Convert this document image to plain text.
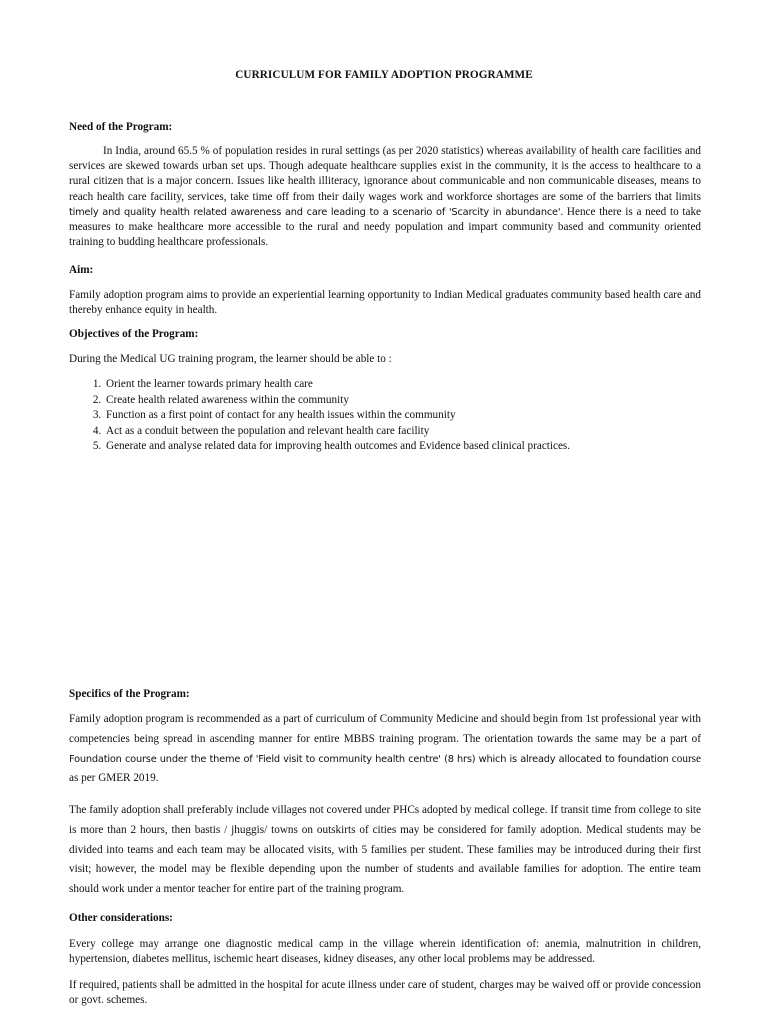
CURRICULUM FOR FAMILY ADOPTION PROGRAMME

Need of the Program:

In India, around 65.5 % of population resides in rural settings (as per 2020 statistics) whereas availability of health care facilities and services are skewed towards urban set ups. Though adequate healthcare supplies exist in the community, it is the access to healthcare to a rural citizen that is a major concern. Issues like health illiteracy, ignorance about communicable and non communicable diseases, means to reach health care facility, services, take time off from their daily wages work and workforce shortages are some of the barriers that limits timely and quality health related awareness and care leading to a scenario of 'Scarcity in abundance'. Hence there is a need to take measures to make healthcare more accessible to the rural and needy population and impart community based and community oriented training to budding healthcare professionals.

Aim:

Family adoption program aims to provide an experiential learning opportunity to Indian Medical graduates community based health care and thereby enhance equity in health.

Objectives of the Program:

During the Medical UG training program, the learner should be able to :

1. Orient the learner towards primary health care
2. Create health related awareness within the community
3. Function as a first point of contact for any health issues within the community
4. Act as a conduit between the population and relevant health care facility
5. Generate and analyse related data for improving health outcomes and Evidence based clinical practices.

Specifics of the Program:

Family adoption program is recommended as a part of curriculum of Community Medicine and should begin from 1st professional year with competencies being spread in ascending manner for entire MBBS training program. The orientation towards the same may be a part of Foundation course under the theme of 'Field visit to community health centre' (8 hrs) which is already allocated to foundation course as per GMER 2019.

The family adoption shall preferably include villages not covered under PHCs adopted by medical college. If transit time from college to site is more than 2 hours, then bastis / jhuggis/ towns on outskirts of cities may be considered for family adoption. Medical students may be divided into teams and each team may be allocated visits, with 5 families per student. These families may be introduced during their first visit; however, the model may be flexible depending upon the number of students and available families for adoption. The entire team should work under a mentor teacher for entire part of the training program.

Other considerations:

Every college may arrange one diagnostic medical camp in the village wherein identification of: anemia, malnutrition in children, hypertension, diabetes mellitus, ischemic heart diseases, kidney diseases, any other local problems may be addressed.

If required, patients shall be admitted in the hospital for acute illness under care of student, charges may be waived off or provide concession or govt. schemes.
